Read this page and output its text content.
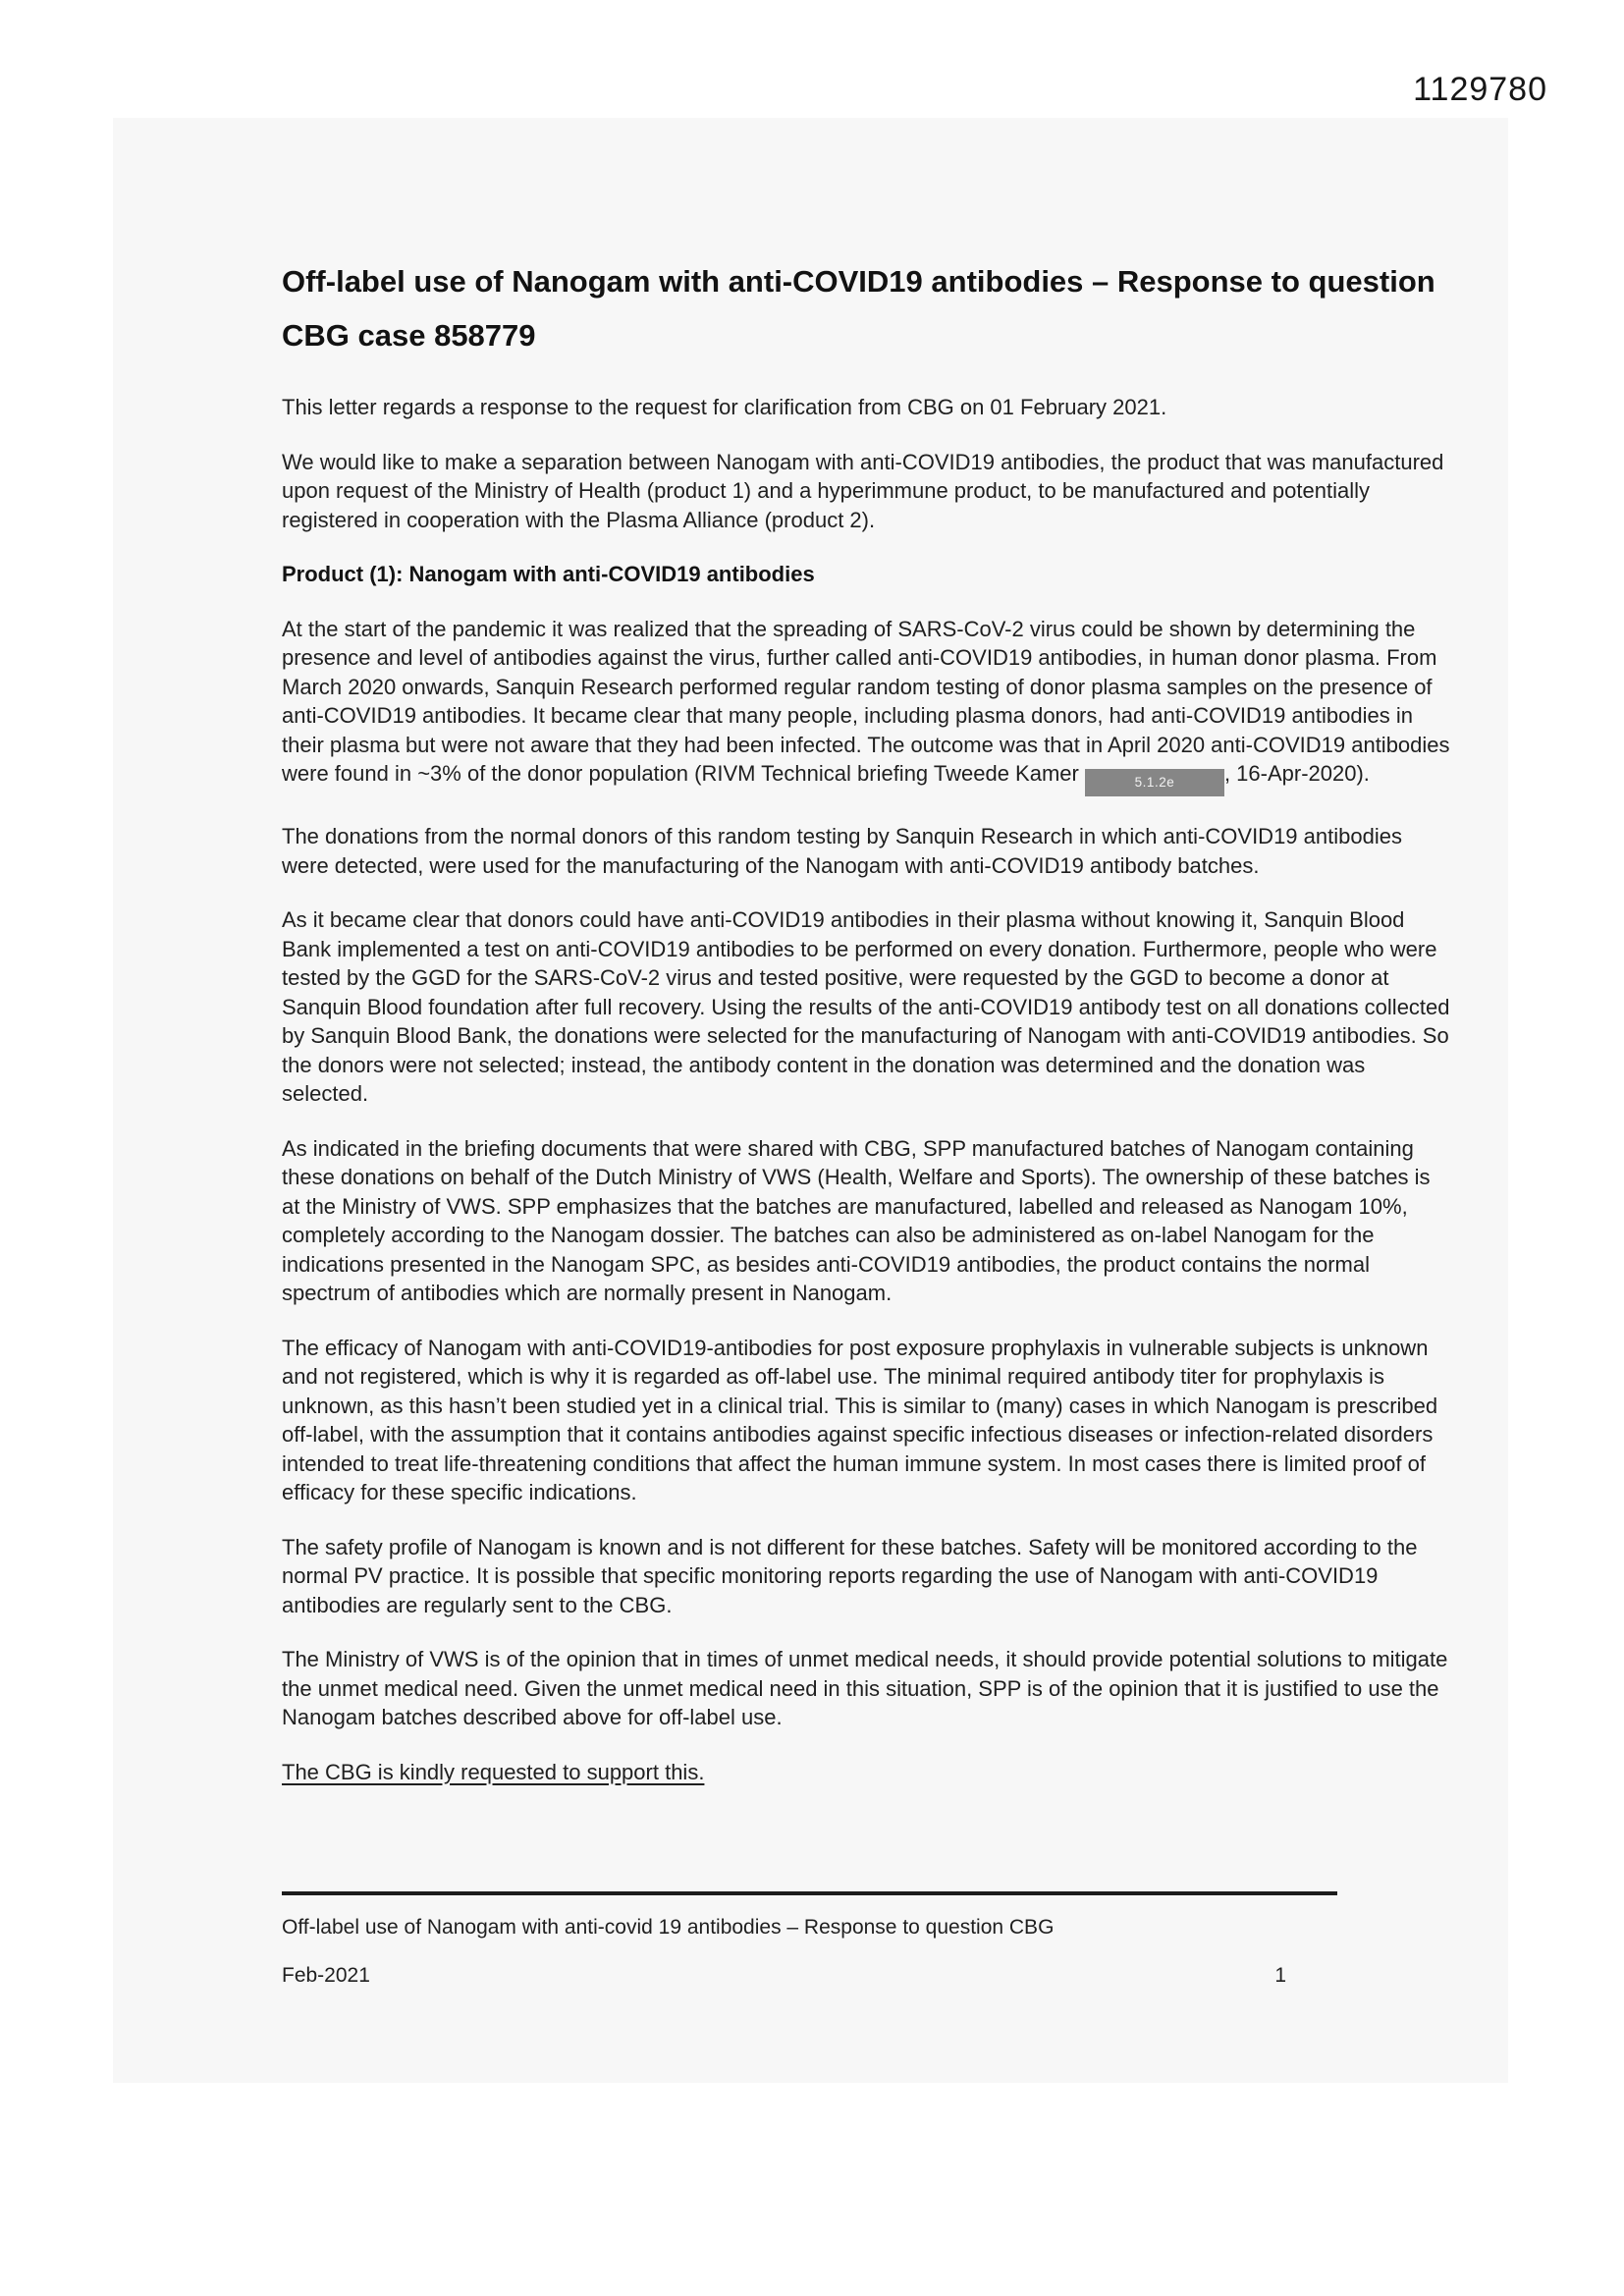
1129780
Off-label use of Nanogam with anti-COVID19 antibodies – Response to question CBG case 858779

This letter regards a response to the request for clarification from CBG on 01 February 2021.

We would like to make a separation between Nanogam with anti-COVID19 antibodies, the product that was manufactured upon request of the Ministry of Health (product 1) and a hyperimmune product, to be manufactured and potentially registered in cooperation with the Plasma Alliance (product 2).

Product (1): Nanogam with anti-COVID19 antibodies

At the start of the pandemic it was realized that the spreading of SARS-CoV-2 virus could be shown by determining the presence and level of antibodies against the virus, further called anti-COVID19 antibodies, in human donor plasma. From March 2020 onwards, Sanquin Research performed regular random testing of donor plasma samples on the presence of anti-COVID19 antibodies. It became clear that many people, including plasma donors, had anti-COVID19 antibodies in their plasma but were not aware that they had been infected. The outcome was that in April 2020 anti-COVID19 antibodies were found in ~3% of the donor population (RIVM Technical briefing Tweede Kamer	5.1.2e , 16-Apr-2020).

The donations from the normal donors of this random testing by Sanquin Research in which anti-COVID19 antibodies were detected, were used for the manufacturing of the Nanogam with anti-COVID19 antibody batches.

As it became clear that donors could have anti-COVID19 antibodies in their plasma without knowing it, Sanquin Blood Bank implemented a test on anti-COVID19 antibodies to be performed on every donation. Furthermore, people who were tested by the GGD for the SARS-CoV-2 virus and tested positive, were requested by the GGD to become a donor at Sanquin Blood foundation after full recovery. Using the results of the anti-COVID19 antibody test on all donations collected by Sanquin Blood Bank, the donations were selected for the manufacturing of Nanogam with anti-COVID19 antibodies. So the donors were not selected; instead, the antibody content in the donation was determined and the donation was selected.

As indicated in the briefing documents that were shared with CBG, SPP manufactured batches of Nanogam containing these donations on behalf of the Dutch Ministry of VWS (Health, Welfare and Sports). The ownership of these batches is at the Ministry of VWS. SPP emphasizes that the batches are manufactured, labelled and released as Nanogam 10%, completely according to the Nanogam dossier. The batches can also be administered as on-label Nanogam for the indications presented in the Nanogam SPC, as besides anti-COVID19 antibodies, the product contains the normal spectrum of antibodies which are normally present in Nanogam.

The efficacy of Nanogam with anti-COVID19-antibodies for post exposure prophylaxis in vulnerable subjects is unknown and not registered, which is why it is regarded as off-label use. The minimal required antibody titer for prophylaxis is unknown, as this hasn’t been studied yet in a clinical trial. This is similar to (many) cases in which Nanogam is prescribed off-label, with the assumption that it contains antibodies against specific infectious diseases or infection-related disorders intended to treat life-threatening conditions that affect the human immune system. In most cases there is limited proof of efficacy for these specific indications.

The safety profile of Nanogam is known and is not different for these batches. Safety will be monitored according to the normal PV practice. It is possible that specific monitoring reports regarding the use of Nanogam with anti-COVID19 antibodies are regularly sent to the CBG.

The Ministry of VWS is of the opinion that in times of unmet medical needs, it should provide potential solutions to mitigate the unmet medical need. Given the unmet medical need in this situation, SPP is of the opinion that it is justified to use the Nanogam batches described above for off-label use.

The CBG is kindly requested to support this.

Off-label use of Nanogam with anti-covid 19 antibodies – Response to question CBG
Feb-2021	1
